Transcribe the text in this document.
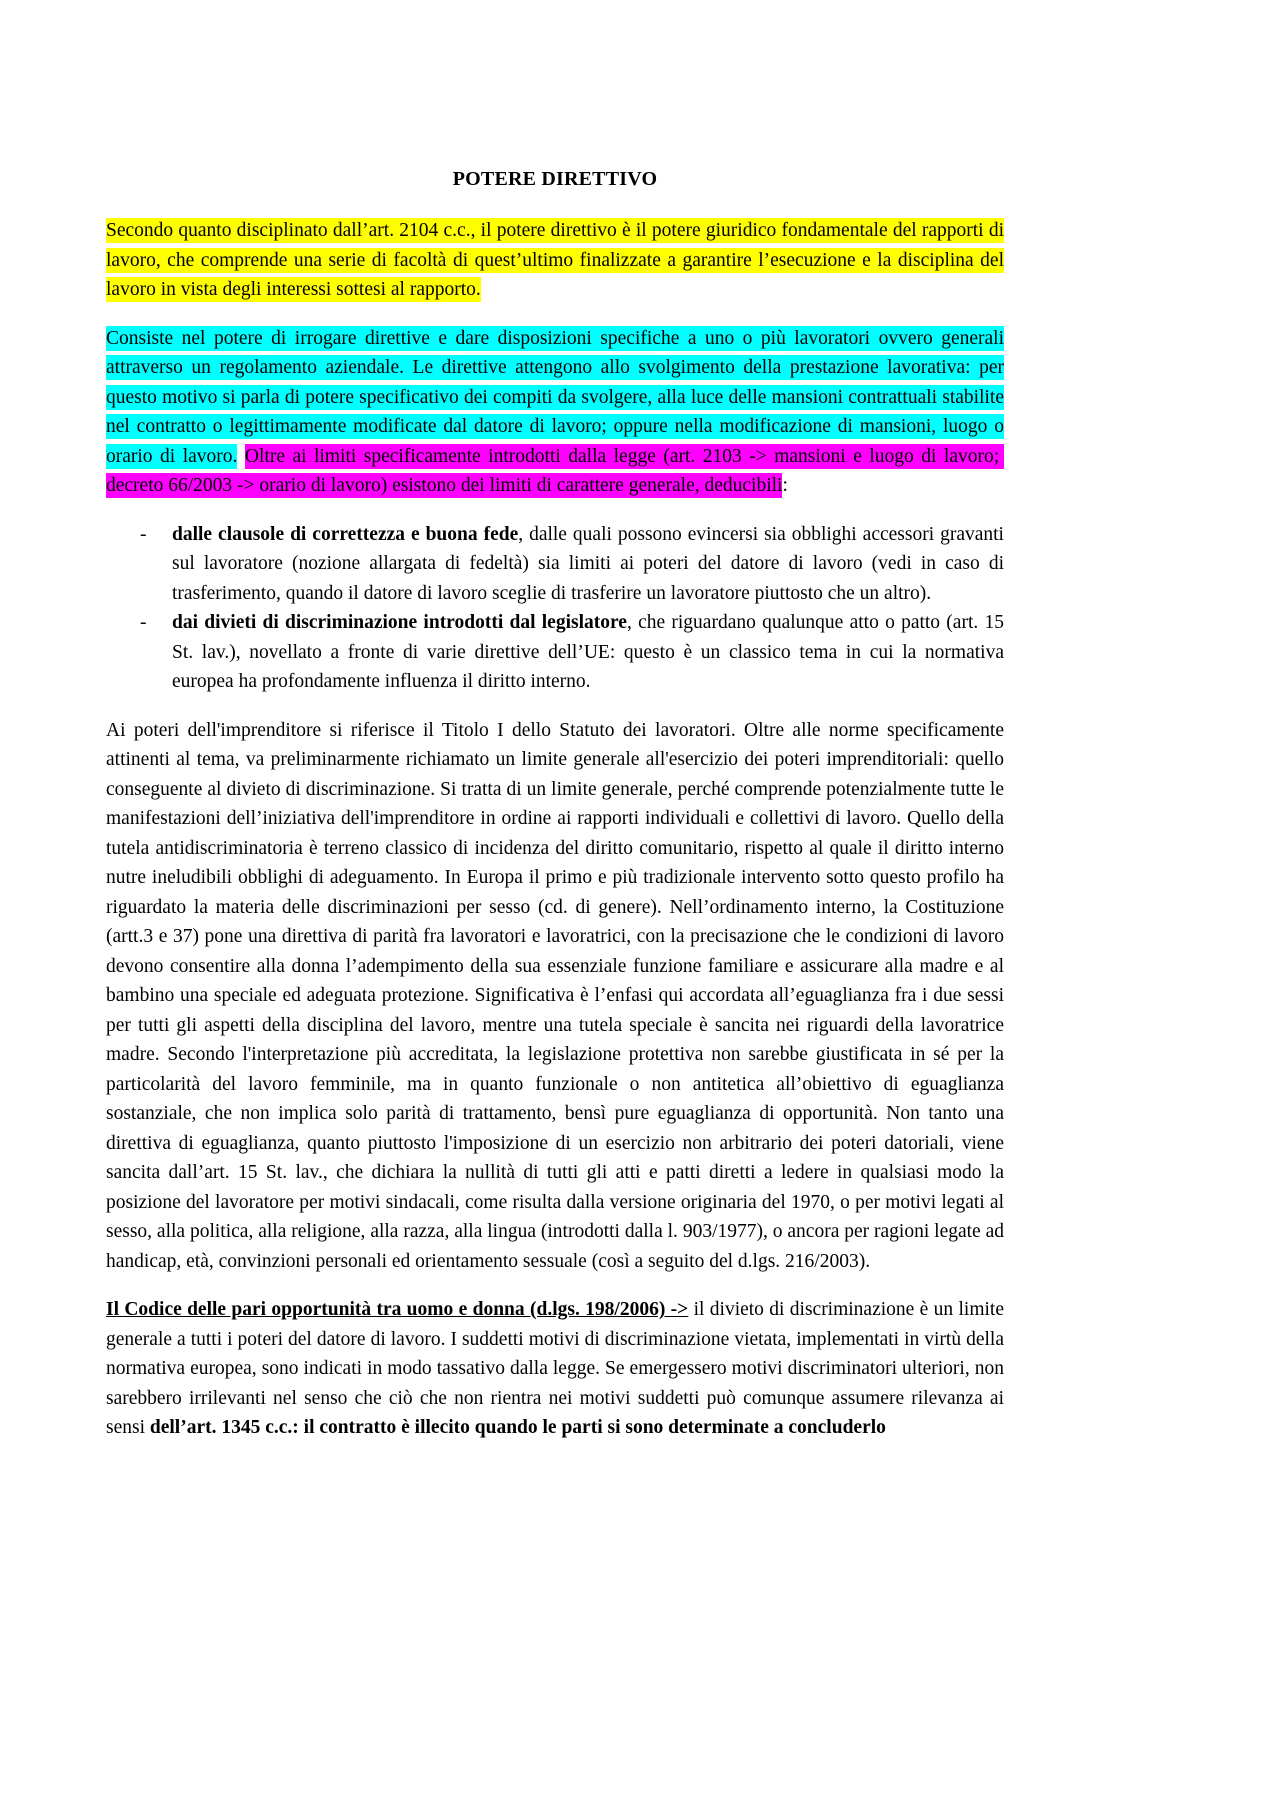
POTERE DIRETTIVO

Secondo quanto disciplinato dall’art. 2104 c.c., il potere direttivo è il potere giuridico fondamentale del rapporti di lavoro, che comprende una serie di facoltà di quest’ultimo finalizzate a garantire l’esecuzione e la disciplina del lavoro in vista degli interessi sottesi al rapporto.

Consiste nel potere di irrogare direttive e dare disposizioni specifiche a uno o più lavoratori ovvero generali attraverso un regolamento aziendale. Le direttive attengono allo svolgimento della prestazione lavorativa: per questo motivo si parla di potere specificativo dei compiti da svolgere, alla luce delle mansioni contrattuali stabilite nel contratto o legittimamente modificate dal datore di lavoro; oppure nella modificazione di mansioni, luogo o orario di lavoro. Oltre ai limiti specificamente introdotti dalla legge (art. 2103 -> mansioni e luogo di lavoro;  decreto 66/2003 -> orario di lavoro) esistono dei limiti di carattere generale, deducibili:

- dalle clausole di correttezza e buona fede, dalle quali possono evincersi sia obblighi accessori gravanti sul lavoratore (nozione allargata di fedeltà) sia limiti ai poteri del datore di lavoro (vedi in caso di trasferimento, quando il datore di lavoro sceglie di trasferire un lavoratore piuttosto che un altro).
- dai divieti di discriminazione introdotti dal legislatore, che riguardano qualunque atto o patto (art. 15 St. lav.), novellato a fronte di varie direttive dell’UE: questo è un classico tema in cui la normativa europea ha profondamente influenza il diritto interno.

Ai poteri dell'imprenditore si riferisce il Titolo I dello Statuto dei lavoratori. Oltre alle norme specificamente attinenti al tema, va preliminarmente richiamato un limite generale all'esercizio dei poteri imprenditoriali: quello conseguente al divieto di discriminazione. Si tratta di un limite generale, perché comprende potenzialmente tutte le manifestazioni dell’iniziativa dell'imprenditore in ordine ai rapporti individuali e collettivi di lavoro. Quello della tutela antidiscriminatoria è terreno classico di incidenza del diritto comunitario, rispetto al quale il diritto interno nutre ineludibili obblighi di adeguamento. In Europa il primo e più tradizionale intervento sotto questo profilo ha riguardato la materia delle discriminazioni per sesso (cd. di genere). Nell’ordinamento interno, la Costituzione (artt.3 e 37) pone una direttiva di parità fra lavoratori e lavoratrici, con la precisazione che le condizioni di lavoro devono consentire alla donna l’adempimento della sua essenziale funzione familiare e assicurare alla madre e al bambino una speciale ed adeguata protezione. Significativa è l’enfasi qui accordata all’eguaglianza fra i due sessi per tutti gli aspetti della disciplina del lavoro, mentre una tutela speciale è sancita nei riguardi della lavoratrice madre. Secondo l'interpretazione più accreditata, la legislazione protettiva non sarebbe giustificata in sé per la particolarità del lavoro femminile, ma in quanto funzionale o non antitetica all’obiettivo di eguaglianza sostanziale, che non implica solo parità di trattamento, bensì pure eguaglianza di opportunità. Non tanto una direttiva di eguaglianza, quanto piuttosto l'imposizione di un esercizio non arbitrario dei poteri datoriali, viene sancita dall’art. 15 St. lav., che dichiara la nullità di tutti gli atti e patti diretti a ledere in qualsiasi modo la posizione del lavoratore per motivi sindacali, come risulta dalla versione originaria del 1970, o per motivi legati al sesso, alla politica, alla religione, alla razza, alla lingua (introdotti dalla l. 903/1977), o ancora per ragioni legate ad handicap, età, convinzioni personali ed orientamento sessuale (così a seguito del d.lgs. 216/2003).

Il Codice delle pari opportunità tra uomo e donna (d.lgs. 198/2006) -> il divieto di discriminazione è un limite generale a tutti i poteri del datore di lavoro. I suddetti motivi di discriminazione vietata, implementati in virtù della normativa europea, sono indicati in modo tassativo dalla legge. Se emergessero motivi discriminatori ulteriori, non sarebbero irrilevanti nel senso che ciò che non rientra nei motivi suddetti può comunque assumere rilevanza ai sensi dell’art. 1345 c.c.: il contratto è illecito quando le parti si sono determinate a concluderlo
